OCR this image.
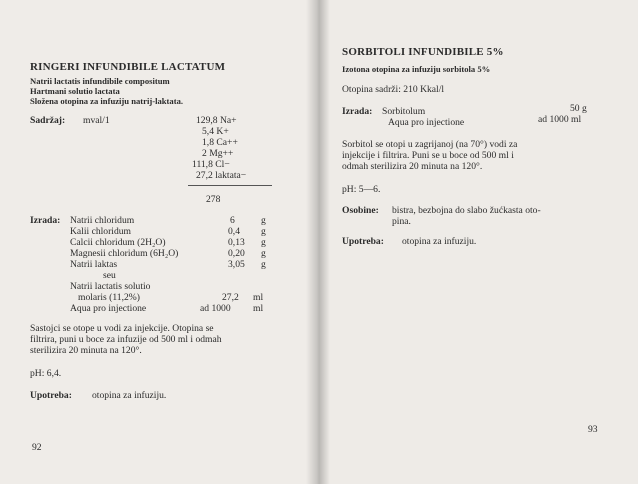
RINGERI INFUNDIBILE LACTATUM
Natrii lactatis infundibile compositum
Hartmani solutio lactata
Složena otopina za infuziju natrij-laktata.
Sadržaj: mval/1	129,8 Na+
5,4 K+
1,8 Ca++
2 Mg++
111,8 Cl−
27,2 laktata−
278
Izrada: Natrii chloridum	6	g
Kalii chloridum	0,4 g
Calcii chloridum (2H₂O)	0,13 g
Magnesii chloridum (6H₂O)	0,20 g
Natrii laktas	3,05 g
seu
Natrii lactatis solutio
molaris (11,2%)	27,2 ml
Aqua pro injectione	ad 1000 ml
Sastojci se otope u vodi za injekcije. Otopina se
filtrira, puni u boce za infuzije od 500 ml i odmah
sterilizira 20 minuta na 120°.
pH: 6,4.
Upotreba: otopina za infuziju.
92
SORBITOLI INFUNDIBILE 5%
Izotona otopina za infuziju sorbitola 5%
Otopina sadrži: 210 Kkal/l
Izrada: Sorbitolum	50 g
Aqua pro injectione	ad 1000 ml
Sorbitol se otopi u zagrijanoj (na 70°) vodi za
injekcije i filtrira. Puni se u boce od 500 ml i
odmah sterilizira 20 minuta na 120°.
pH: 5—6.
Osobine: bistra, bezbojna do slabo žućkasta oto-
pina.
Upotreba: otopina za infuziju.
93
